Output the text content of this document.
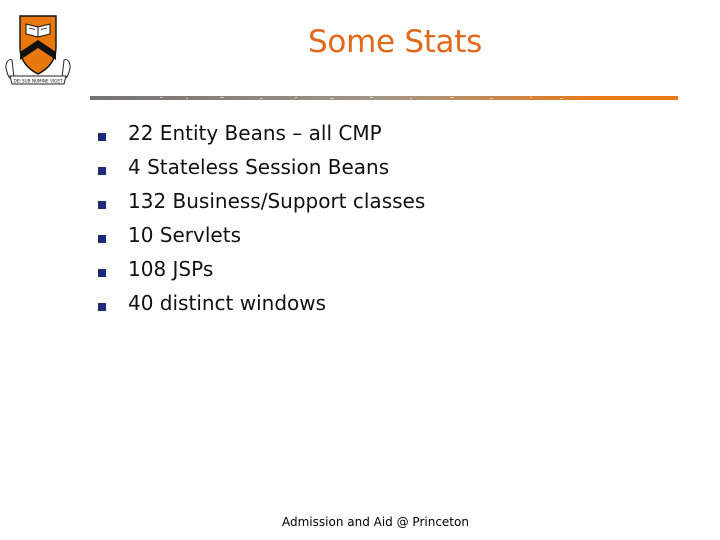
DEI SUB NUMINE VIGET
Some Stats
22 Entity Beans – all CMP
4 Stateless Session Beans
132 Business/Support classes
10 Servlets
108 JSPs
40 distinct windows
Admission and Aid @ Princeton
